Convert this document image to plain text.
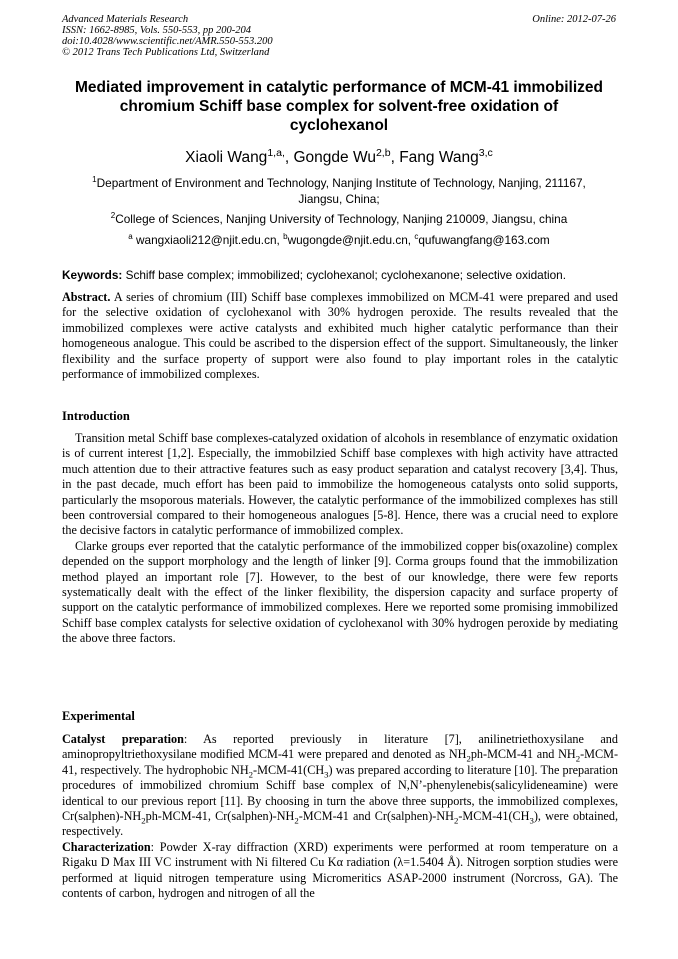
Advanced Materials Research	Online: 2012-07-26
ISSN: 1662-8985, Vols. 550-553, pp 200-204
doi:10.4028/www.scientific.net/AMR.550-553.200
© 2012 Trans Tech Publications Ltd, Switzerland
Mediated improvement in catalytic performance of MCM-41 immobilized
chromium Schiff base complex for solvent-free oxidation of
cyclohexanol
Xiaoli Wang$^{1,a,}$, Gongde Wu$^{2,b}$, Fang Wang$^{3,c}$
$^1$Department of Environment and Technology, Nanjing Institute of Technology, Nanjing, 211167,
Jiangsu, China;
$^2$College of Sciences, Nanjing University of Technology, Nanjing 210009, Jiangsu, china
$^a$ wangxiaoli212@njit.edu.cn, $^b$wugongde@njit.edu.cn, $^c$qufuwangfang@163.com
Keywords: Schiff base complex; immobilized; cyclohexanol; cyclohexanone; selective oxidation.

Abstract. A series of chromium (III) Schiff base complexes immobilized on MCM-41 were prepared and used for the selective oxidation of cyclohexanol with 30% hydrogen peroxide. The results revealed that the immobilized complexes were active catalysts and exhibited much higher catalytic performance than their homogeneous analogue. This could be ascribed to the dispersion effect of the support. Simultaneously, the linker flexibility and the surface property of support were also found to play important roles in the catalytic performance of immobilized complexes.

Introduction

Transition metal Schiff base complexes-catalyzed oxidation of alcohols in resemblance of enzymatic oxidation is of current interest [1,2]. Especially, the immobilzied Schiff base complexes with high activity have attracted much attention due to their attractive features such as easy product separation and catalyst recovery [3,4]. Thus, in the past decade, much effort has been paid to immobilize the homogeneous catalysts onto solid supports, particularly the msoporous materials. However, the catalytic performance of the immobilized complexes has still been controversial compared to their homogeneous analogues [5-8]. Hence, there was a crucial need to explore the decisive factors in catalytic performance of immobilized complex.

Clarke groups ever reported that the catalytic performance of the immobilized copper bis(oxazoline) complex depended on the support morphology and the length of linker [9]. Corma groups found that the immobilization method played an important role [7]. However, to the best of our knowledge, there were few reports systematically dealt with the effect of the linker flexibility, the dispersion capacity and surface property of support on the catalytic performance of immobilized complexes. Here we reported some promising immobilized Schiff base complex catalysts for selective oxidation of cyclohexanol with 30% hydrogen peroxide by mediating the above three factors.

Experimental

Catalyst preparation: As reported previously in literature [7], anilinetriethoxysilane and aminopropyltriethoxysilane modified MCM-41 were prepared and denoted as $NH_2ph-MCM-41$ and $NH_2-MCM-41$, respectively. The hydrophobic $NH_2-MCM-41(CH_3)$ was prepared according to literature [10]. The preparation procedures of immobilized chromium Schiff base complex of N,N’-phenylenebis(salicylideneamine) were identical to our previous report [11]. By choosing in turn the above three supports, the immobilized complexes, $Cr(salphen)-NH_2ph-MCM-41$, $Cr(salphen)-NH_2-MCM-41$ and $Cr(salphen)-NH_2-MCM-41(CH_3)$, were obtained, respectively.

Characterization: Powder X-ray diffraction (XRD) experiments were performed at room temperature on a Rigaku D Max III VC instrument with Ni filtered Cu Kα radiation (λ=1.5404 Å). Nitrogen sorption studies were performed at liquid nitrogen temperature using Micromeritics ASAP-2000 instrument (Norcross, GA). The contents of carbon, hydrogen and nitrogen of all the
